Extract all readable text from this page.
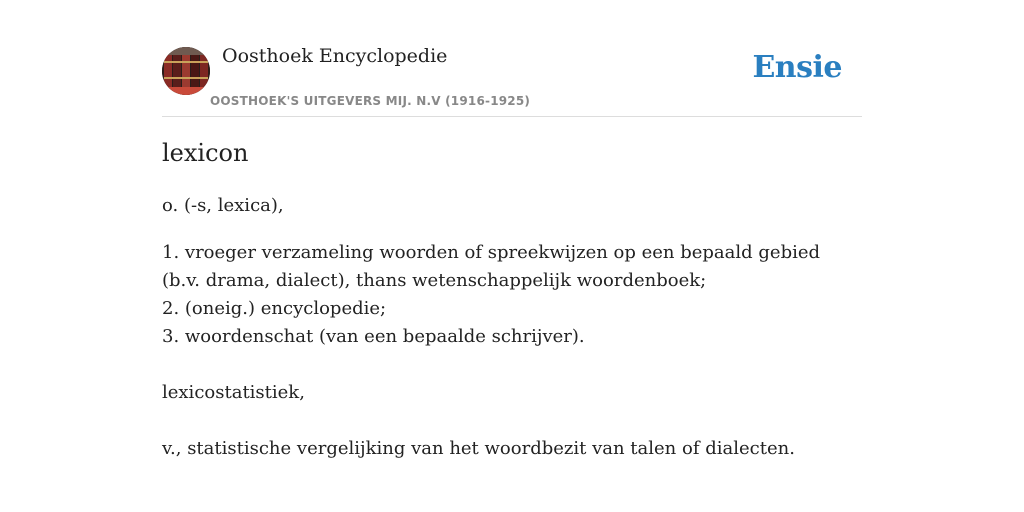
Oosthoek Encyclopedie
OOSTHOEK'S UITGEVERS MIJ. N.V (1916-1925)
Ensie
lexicon

o. (-s, lexica),

1. vroeger verzameling woorden of spreekwijzen op een bepaald gebied (b.v. drama, dialect), thans wetenschappelijk woordenboek;
2. (oneig.) encyclopedie;
3. woordenschat (van een bepaalde schrijver).

lexicostatistiek,

v., statistische vergelijking van het woordbezit van talen of dialecten.
